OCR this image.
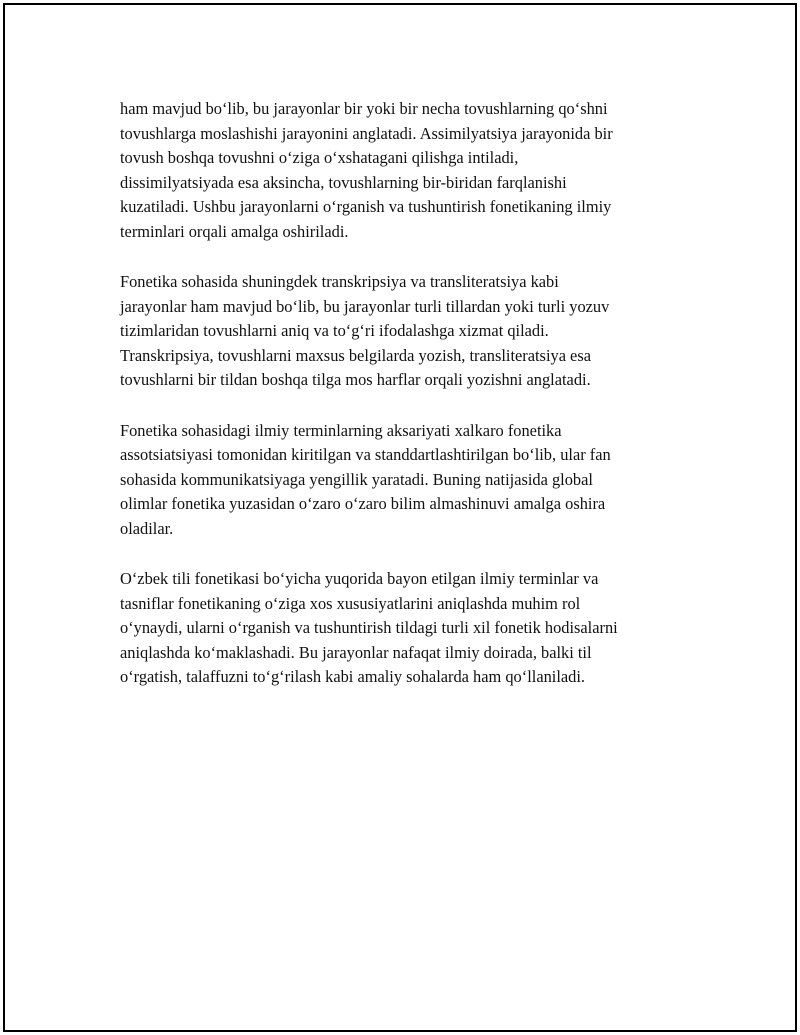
ham mavjud bo‘lib, bu jarayonlar bir yoki bir necha tovushlarning qo‘shni
tovushlarga moslashishi jarayonini anglatadi. Assimilyatsiya jarayonida bir
tovush boshqa tovushni o‘ziga o‘xshatagani qilishga intiladi,
dissimilyatsiyada esa aksincha, tovushlarning bir-biridan farqlanishi
kuzatiladi. Ushbu jarayonlarni o‘rganish va tushuntirish fonetikaning ilmiy
terminlari orqali amalga oshiriladi.

Fonetika sohasida shuningdek transkripsiya va transliteratsiya kabi
jarayonlar ham mavjud bo‘lib, bu jarayonlar turli tillardan yoki turli yozuv
tizimlaridan tovushlarni aniq va to‘g‘ri ifodalashga xizmat qiladi.
Transkripsiya, tovushlarni maxsus belgilarda yozish, transliteratsiya esa
tovushlarni bir tildan boshqa tilga mos harflar orqali yozishni anglatadi.

Fonetika sohasidagi ilmiy terminlarning aksariyati xalkaro fonetika
assotsiatsiyasi tomonidan kiritilgan va standdartlashtirilgan bo‘lib, ular fan
sohasida kommunikatsiyaga yengillik yaratadi. Buning natijasida global
olimlar fonetika yuzasidan o‘zaro o‘zaro bilim almashinuvi amalga oshira
oladilar.

O‘zbek tili fonetikasi bo‘yicha yuqorida bayon etilgan ilmiy terminlar va
tasniflar fonetikaning o‘ziga xos xususiyatlarini aniqlashda muhim rol
o‘ynaydi, ularni o‘rganish va tushuntirish tildagi turli xil fonetik hodisalarni
aniqlashda ko‘maklashadi. Bu jarayonlar nafaqat ilmiy doirada, balki til
o‘rgatish, talaffuzni to‘g‘rilash kabi amaliy sohalarda ham qo‘llaniladi.
